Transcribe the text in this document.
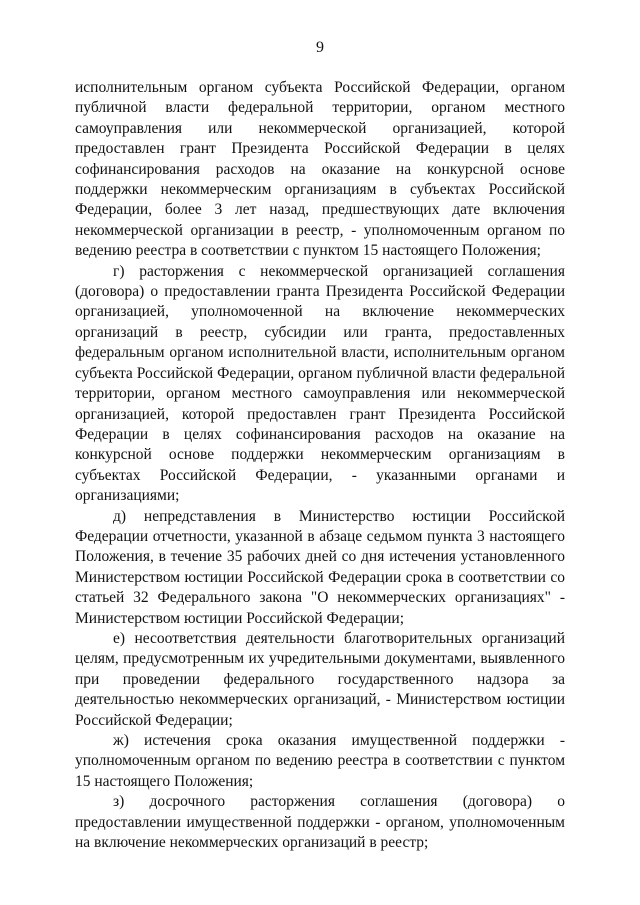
9

исполнительным органом субъекта Российской Федерации, органом публичной власти федеральной территории, органом местного самоуправления или некоммерческой организацией, которой предоставлен грант Президента Российской Федерации в целях софинансирования расходов на оказание на конкурсной основе поддержки некоммерческим организациям в субъектах Российской Федерации, более 3 лет назад, предшествующих дате включения некоммерческой организации в реестр, - уполномоченным органом по ведению реестра в соответствии с пунктом 15 настоящего Положения;

г) расторжения с некоммерческой организацией соглашения (договора) о предоставлении гранта Президента Российской Федерации организацией, уполномоченной на включение некоммерческих организаций в реестр, субсидии или гранта, предоставленных федеральным органом исполнительной власти, исполнительным органом субъекта Российской Федерации, органом публичной власти федеральной территории, органом местного самоуправления или некоммерческой организацией, которой предоставлен грант Президента Российской Федерации в целях софинансирования расходов на оказание на конкурсной основе поддержки некоммерческим организациям в субъектах Российской Федерации, - указанными органами и организациями;

д) непредставления в Министерство юстиции Российской Федерации отчетности, указанной в абзаце седьмом пункта 3 настоящего Положения, в течение 35 рабочих дней со дня истечения установленного Министерством юстиции Российской Федерации срока в соответствии со статьей 32 Федерального закона "О некоммерческих организациях" - Министерством юстиции Российской Федерации;

е) несоответствия деятельности благотворительных организаций целям, предусмотренным их учредительными документами, выявленного при проведении федерального государственного надзора за деятельностью некоммерческих организаций, - Министерством юстиции Российской Федерации;

ж) истечения срока оказания имущественной поддержки - уполномоченным органом по ведению реестра в соответствии с пунктом 15 настоящего Положения;

з) досрочного расторжения соглашения (договора) о предоставлении имущественной поддержки - органом, уполномоченным на включение некоммерческих организаций в реестр;
